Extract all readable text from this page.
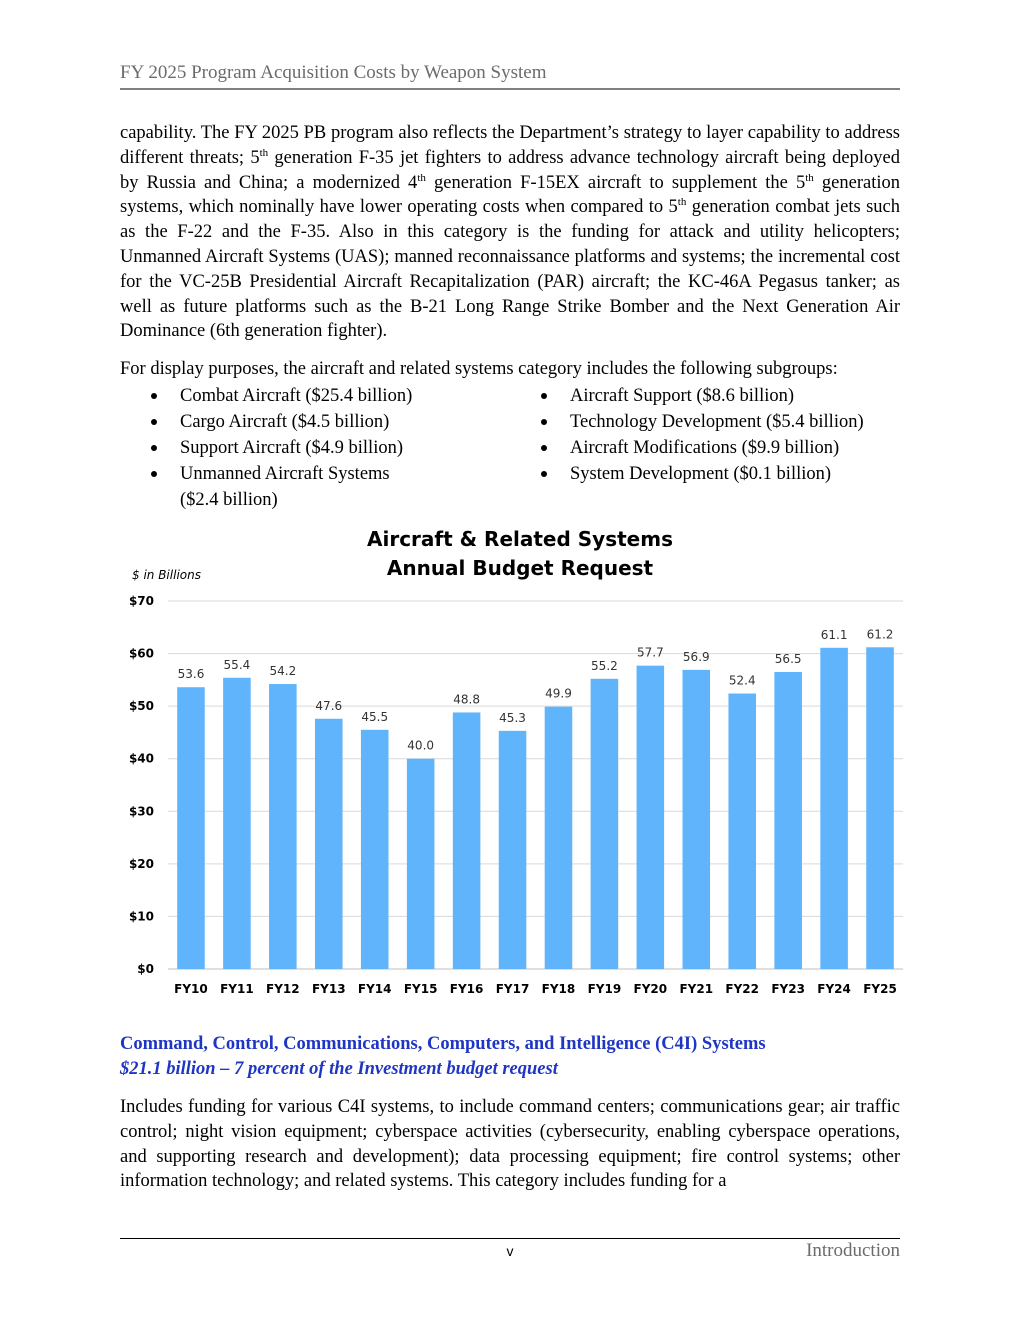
FY 2025 Program Acquisition Costs by Weapon System

capability. The FY 2025 PB program also reflects the Department’s strategy to layer capability to address different threats; 5th generation F-35 jet fighters to address advance technology aircraft being deployed by Russia and China; a modernized 4th generation F-15EX aircraft to supplement the 5th generation systems, which nominally have lower operating costs when compared to 5th generation combat jets such as the F-22 and the F-35. Also in this category is the funding for attack and utility helicopters; Unmanned Aircraft Systems (UAS); manned reconnaissance platforms and systems; the incremental cost for the VC-25B Presidential Aircraft Recapitalization (PAR) aircraft; the KC-46A Pegasus tanker; as well as future platforms such as the B-21 Long Range Strike Bomber and the Next Generation Air Dominance (6th generation fighter).

For display purposes, the aircraft and related systems category includes the following subgroups:

Combat Aircraft ($25.4 billion)
Cargo Aircraft ($4.5 billion)
Support Aircraft ($4.9 billion)
Unmanned Aircraft Systems ($2.4 billion)
Aircraft Support ($8.6 billion)
Technology Development ($5.4 billion)
Aircraft Modifications ($9.9 billion)
System Development ($0.1 billion)
Aircraft & Related Systems
Annual Budget Request
$ in Billions
$0
$10
$20
$30
$40
$50
$60
$70
53.6
FY10
55.4
FY11
54.2
FY12
47.6
FY13
45.5
FY14
40.0
FY15
48.8
FY16
45.3
FY17
49.9
FY18
55.2
FY19
57.7
FY20
56.9
FY21
52.4
FY22
56.5
FY23
61.1
FY24
61.2
FY25
Command, Control, Communications, Computers, and Intelligence (C4I) Systems
$21.1 billion – 7 percent of the Investment budget request

Includes funding for various C4I systems, to include command centers; communications gear; air traffic control; night vision equipment; cyberspace activities (cybersecurity, enabling cyberspace operations, and supporting research and development); data processing equipment; fire control systems; other information technology; and related systems. This category includes funding for a

v	Introduction
